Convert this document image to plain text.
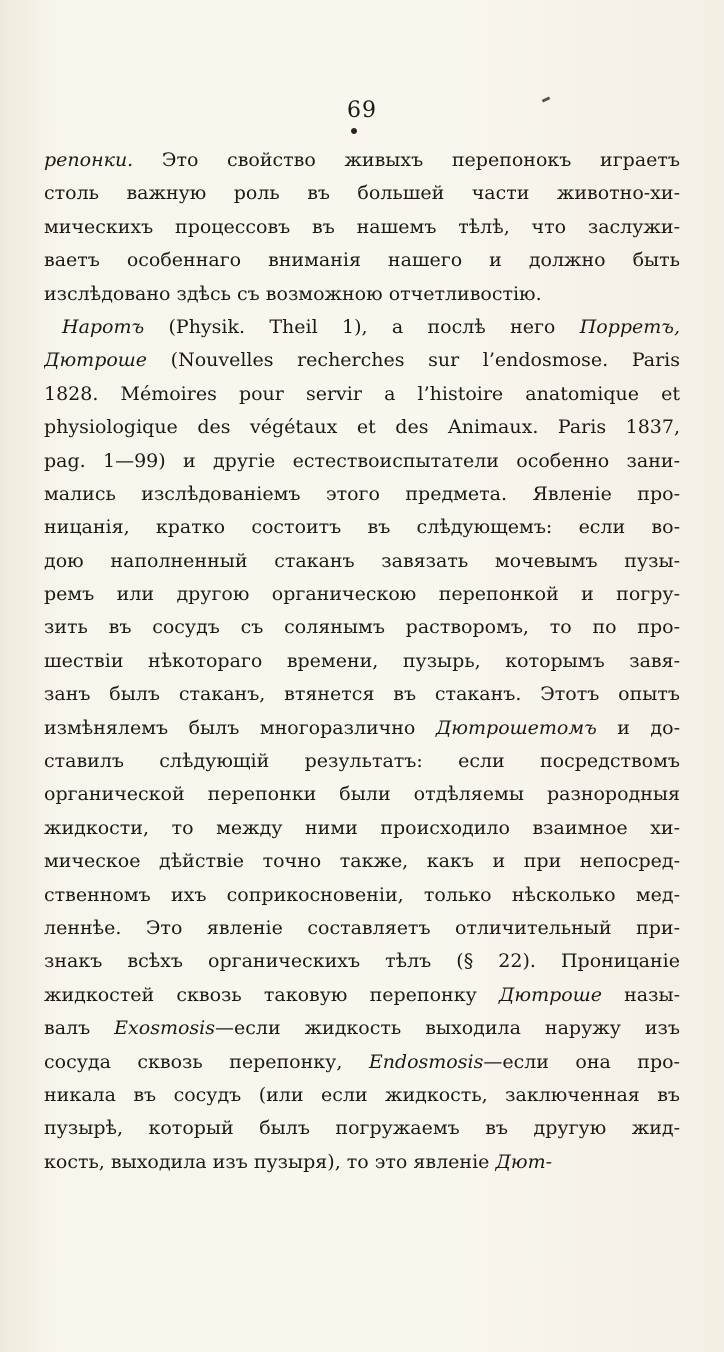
69
репонки. Это свойство живыхъ перепонокъ играетъ
столь важную роль въ большей части животно-хи-
мическихъ процессовъ въ нашемъ тѣлѣ, что заслужи-
ваетъ особеннаго вниманія нашего и должно быть
изслѣдовано здѣсь съ возможною отчетливостію.
Наротъ (Physik. Theil 1), а послѣ него Порретъ,
Дютроше (Nouvelles recherches sur l’endosmose. Paris
1828. Mémoires pour servir a l’histoire anatomique et
physiologique des végétaux et des Animaux. Paris 1837,
pag. 1—99) и другіе естествоиспытатели особенно зани-
мались изслѣдованіемъ этого предмета. Явленіе про-
ницанія, кратко состоитъ въ слѣдующемъ: если во-
дою наполненный стаканъ завязать мочевымъ пузы-
ремъ или другою органическою перепонкой и погру-
зить въ сосудъ съ солянымъ растворомъ, то по про-
шествіи нѣкотораго времени, пузырь, которымъ завя-
занъ былъ стаканъ, втянется въ стаканъ. Этотъ опытъ
измѣнялемъ былъ многоразлично Дютрошетомъ и до-
ставилъ слѣдующій результатъ: если посредствомъ
органической перепонки были отдѣляемы разнородныя
жидкости, то между ними происходило взаимное хи-
мическое дѣйствіе точно также, какъ и при непосред-
ственномъ ихъ соприкосновеніи, только нѣсколько мед-
леннѣе. Это явленіе составляетъ отличительный при-
знакъ всѣхъ органическихъ тѣлъ (§ 22). Проницаніе
жидкостей сквозь таковую перепонку Дютроше назы-
валъ Exosmosis—если жидкость выходила наружу изъ
сосуда сквозь перепонку, Endosmosis—если она про-
никала въ сосудъ (или если жидкость, заключенная въ
пузырѣ, который былъ погружаемъ въ другую жид-
кость, выходила изъ пузыря), то это явленіе Дют-
